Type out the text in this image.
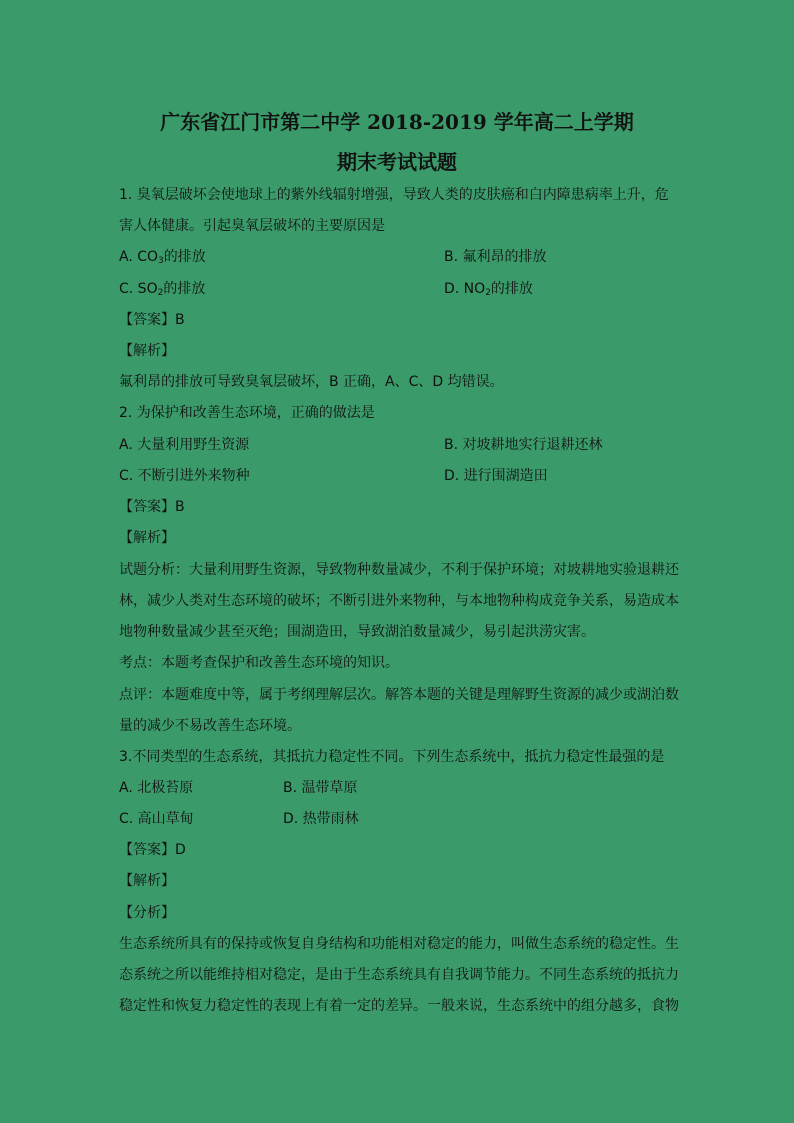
广东省江门市第二中学 2018-2019 学年高二上学期
期末考试试题
1. 臭氧层破坏会使地球上的紫外线辐射增强，导致人类的皮肤癌和白内障患病率上升，危
害人体健康。引起臭氧层破坏的主要原因是
A. $CO_3$的排放	B. 氟利昂的排放
C. $SO_2$的排放	D. $NO_2$的排放
【答案】B
【解析】
氟利昂的排放可导致臭氧层破坏，B 正确，A、C、D 均错误。
2. 为保护和改善生态环境，正确的做法是
A. 大量利用野生资源	B. 对坡耕地实行退耕还林
C. 不断引进外来物种	D. 进行围湖造田
【答案】B
【解析】
试题分析：大量利用野生资源，导致物种数量减少，不利于保护环境；对坡耕地实验退耕还
林，减少人类对生态环境的破坏；不断引进外来物种，与本地物种构成竞争关系，易造成本
地物种数量减少甚至灭绝；围湖造田，导致湖泊数量减少，易引起洪涝灾害。
考点：本题考查保护和改善生态环境的知识。
点评：本题难度中等，属于考纲理解层次。解答本题的关键是理解野生资源的减少或湖泊数
量的减少不易改善生态环境。
3.不同类型的生态系统，其抵抗力稳定性不同。下列生态系统中，抵抗力稳定性最强的是
A. 北极苔原	B. 温带草原
C. 高山草甸	D. 热带雨林
【答案】D
【解析】
【分析】
生态系统所具有的保持或恢复自身结构和功能相对稳定的能力，叫做生态系统的稳定性。生
态系统之所以能维持相对稳定，是由于生态系统具有自我调节能力。不同生态系统的抵抗力
稳定性和恢复力稳定性的表现上有着一定的差异。一般来说，生态系统中的组分越多，食物
